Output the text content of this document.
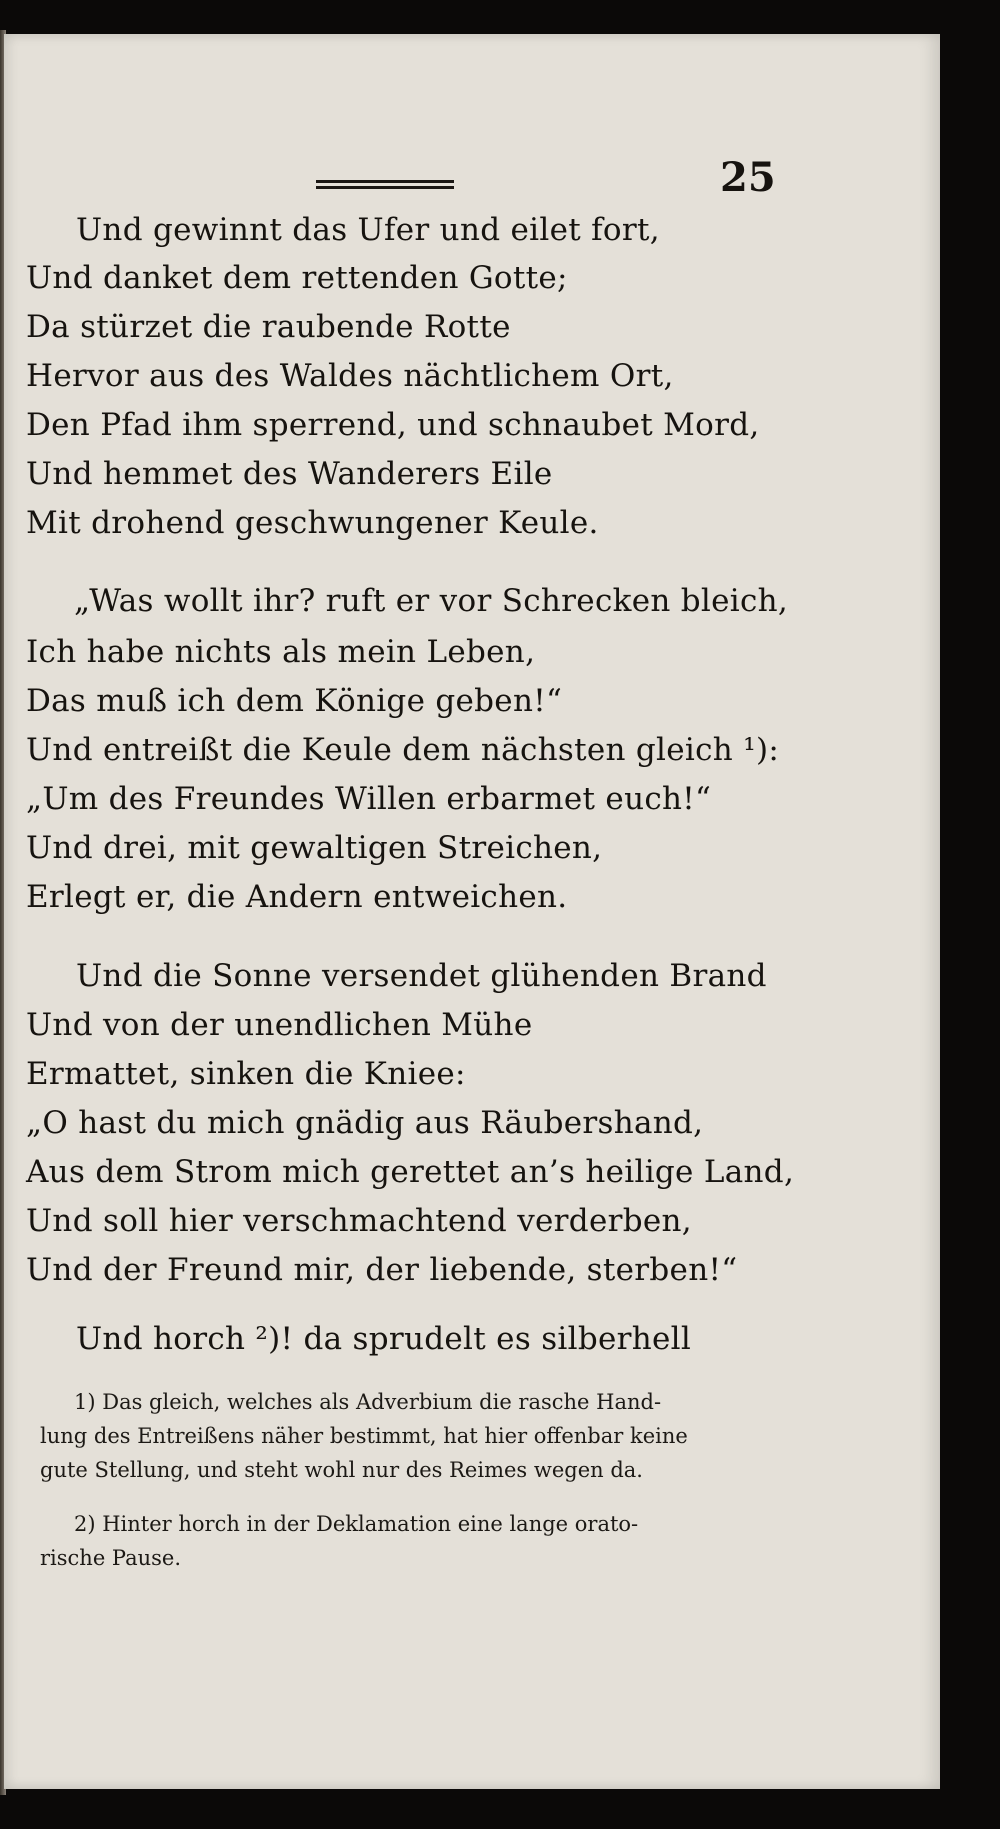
25
Und gewinnt das Ufer und eilet fort,
Und danket dem rettenden Gotte;
Da stürzet die raubende Rotte
Hervor aus des Waldes nächtlichem Ort,
Den Pfad ihm sperrend, und schnaubet Mord,
Und hemmet des Wanderers Eile
Mit drohend geschwungener Keule.
„Was wollt ihr? ruft er vor Schrecken bleich,
Ich habe nichts als mein Leben,
Das muß ich dem Könige geben!“
Und entreißt die Keule dem nächsten gleich ¹):
„Um des Freundes Willen erbarmet euch!“
Und drei, mit gewaltigen Streichen,
Erlegt er, die Andern entweichen.
Und die Sonne versendet glühenden Brand
Und von der unendlichen Mühe
Ermattet, sinken die Kniee:
„O hast du mich gnädig aus Räubershand,
Aus dem Strom mich gerettet an’s heilige Land,
Und soll hier verschmachtend verderben,
Und der Freund mir, der liebende, sterben!“
Und horch ²)! da sprudelt es silberhell
1) Das gleich, welches als Adverbium die rasche Hand-
lung des Entreißens näher bestimmt, hat hier offenbar keine
gute Stellung, und steht wohl nur des Reimes wegen da.
2) Hinter horch in der Deklamation eine lange orato-
rische Pause.
